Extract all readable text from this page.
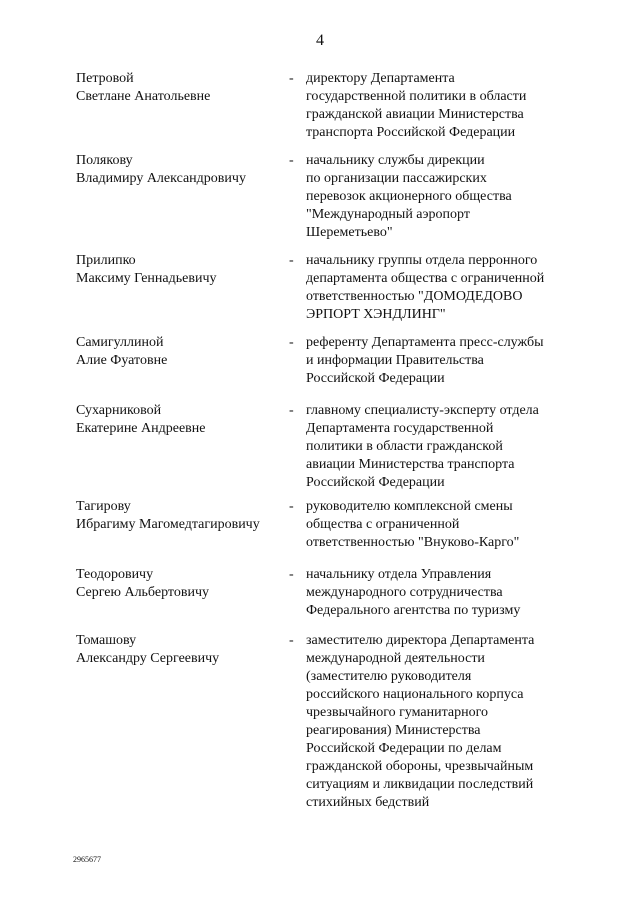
4
Петровой
Светлане Анатольевне
- директору Департамента
государственной политики в области
гражданской авиации Министерства
транспорта Российской Федерации
Полякову
Владимиру Александровичу
- начальнику службы дирекции
по организации пассажирских
перевозок акционерного общества
"Международный аэропорт
Шереметьево"
Прилипко
Максиму Геннадьевичу
- начальнику группы отдела перронного
департамента общества с ограниченной
ответственностью "ДОМОДЕДОВО
ЭРПОРТ ХЭНДЛИНГ"
Самигуллиной
Алие Фуатовне
- референту Департамента пресс-службы
и информации Правительства
Российской Федерации
Сухарниковой
Екатерине Андреевне
- главному специалисту-эксперту отдела
Департамента государственной
политики в области гражданской
авиации Министерства транспорта
Российской Федерации
Тагирову
Ибрагиму Магомедтагировичу
- руководителю комплексной смены
общества с ограниченной
ответственностью "Внуково-Карго"
Теодоровичу
Сергею Альбертовичу
- начальнику отдела Управления
международного сотрудничества
Федерального агентства по туризму
Томашову
Александру Сергеевичу
- заместителю директора Департамента
международной деятельности
(заместителю руководителя
российского национального корпуса
чрезвычайного гуманитарного
реагирования) Министерства
Российской Федерации по делам
гражданской обороны, чрезвычайным
ситуациям и ликвидации последствий
стихийных бедствий
2965677
